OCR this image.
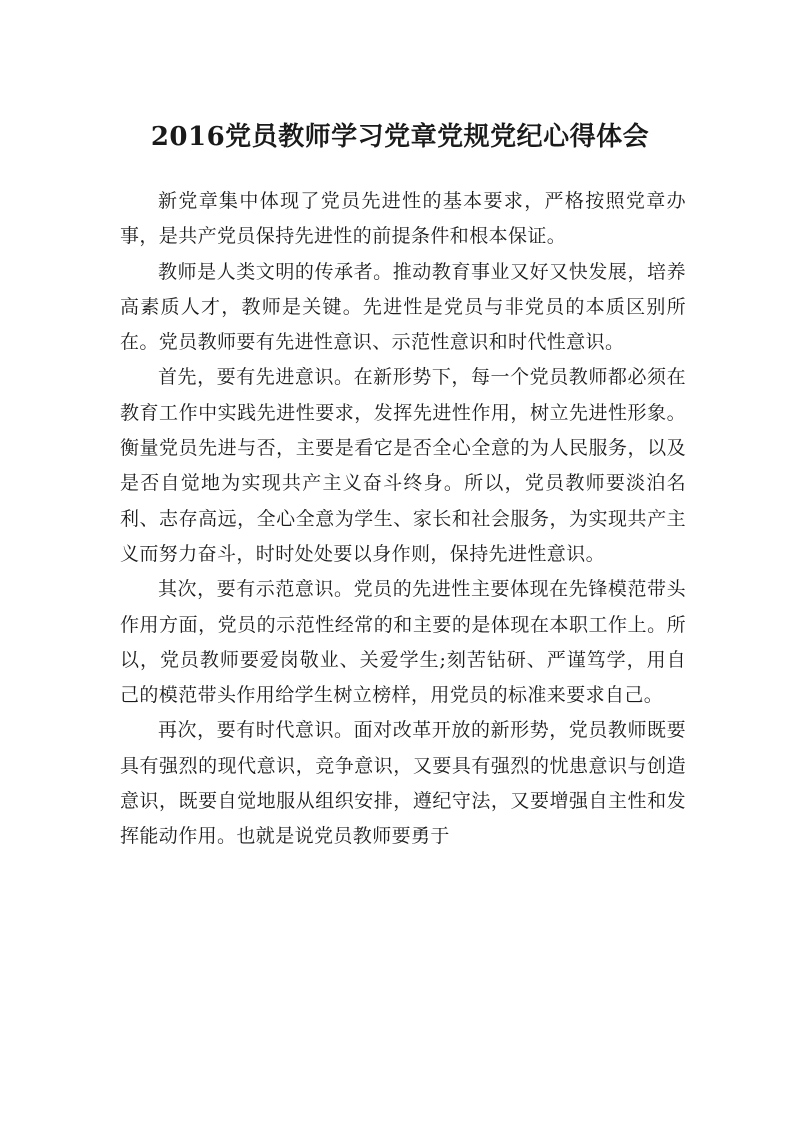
2016党员教师学习党章党规党纪心得体会

新党章集中体现了党员先进性的基本要求，严格按照党章办事，是共产党员保持先进性的前提条件和根本保证。

教师是人类文明的传承者。推动教育事业又好又快发展，培养高素质人才，教师是关键。先进性是党员与非党员的本质区别所在。党员教师要有先进性意识、示范性意识和时代性意识。

首先，要有先进意识。在新形势下，每一个党员教师都必须在教育工作中实践先进性要求，发挥先进性作用，树立先进性形象。衡量党员先进与否，主要是看它是否全心全意的为人民服务，以及是否自觉地为实现共产主义奋斗终身。所以，党员教师要淡泊名利、志存高远，全心全意为学生、家长和社会服务，为实现共产主义而努力奋斗，时时处处要以身作则，保持先进性意识。

其次，要有示范意识。党员的先进性主要体现在先锋模范带头作用方面，党员的示范性经常的和主要的是体现在本职工作上。所以，党员教师要爱岗敬业、关爱学生;刻苦钻研、严谨笃学，用自己的模范带头作用给学生树立榜样，用党员的标准来要求自己。

再次，要有时代意识。面对改革开放的新形势，党员教师既要具有强烈的现代意识，竞争意识，又要具有强烈的忧患意识与创造意识，既要自觉地服从组织安排，遵纪守法，又要增强自主性和发挥能动作用。也就是说党员教师要勇于
